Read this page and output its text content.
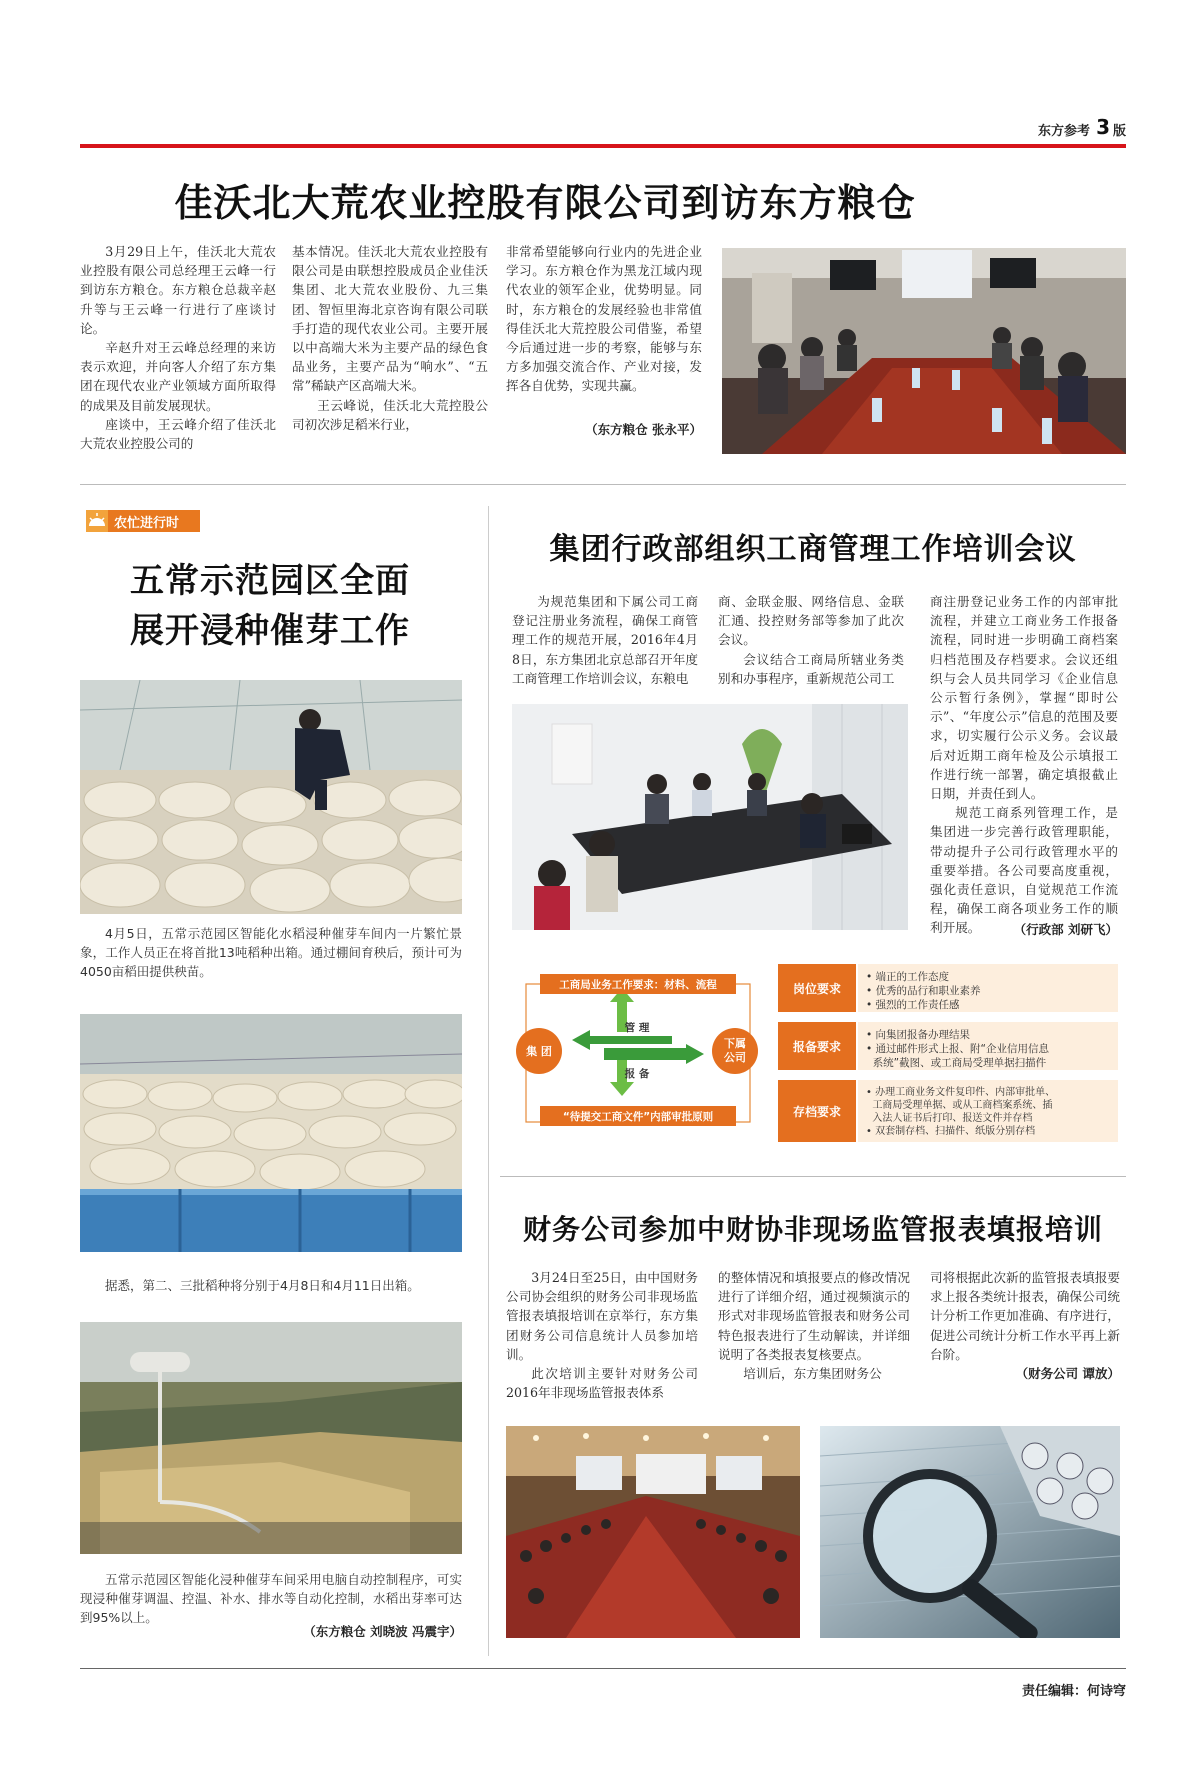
东方参考 3 版
佳沃北大荒农业控股有限公司到访东方粮仓

3月29日上午，佳沃北大荒农业控股有限公司总经理王云峰一行到访东方粮仓。东方粮仓总裁辛赵升等与王云峰一行进行了座谈讨论。

辛赵升对王云峰总经理的来访表示欢迎，并向客人介绍了东方集团在现代农业产业领域方面所取得的成果及目前发展现状。

座谈中，王云峰介绍了佳沃北大荒农业控股公司的

基本情况。佳沃北大荒农业控股有限公司是由联想控股成员企业佳沃集团、北大荒农业股份、九三集团、智恒里海北京咨询有限公司联手打造的现代农业公司。主要开展以中高端大米为主要产品的绿色食品业务，主要产品为“响水”、“五常”稀缺产区高端大米。

王云峰说，佳沃北大荒控股公司初次涉足稻米行业，

非常希望能够向行业内的先进企业学习。东方粮仓作为黑龙江域内现代农业的领军企业，优势明显。同时，东方粮仓的发展经验也非常值得佳沃北大荒控股公司借鉴，希望今后通过进一步的考察，能够与东方多加强交流合作、产业对接，发挥各自优势，实现共赢。

（东方粮仓 张永平）
农忙进行时
五常示范园区全面
展开浸种催芽工作

4月5日，五常示范园区智能化水稻浸种催芽车间内一片繁忙景象，工作人员正在将首批13吨稻种出箱。通过棚间育秧后，预计可为4050亩稻田提供秧苗。

据悉，第二、三批稻种将分别于4月8日和4月11日出箱。

五常示范园区智能化浸种催芽车间采用电脑自动控制程序，可实现浸种催芽调温、控温、补水、排水等自动化控制，水稻出芽率可达到95%以上。

（东方粮仓 刘晓波 冯震宇）
集团行政部组织工商管理工作培训会议

为规范集团和下属公司工商登记注册业务流程，确保工商管理工作的规范开展，2016年4月8日，东方集团北京总部召开年度工商管理工作培训会议，东粮电

商、金联金服、网络信息、金联汇通、投控财务部等参加了此次会议。

会议结合工商局所辖业务类别和办事程序，重新规范公司工

商注册登记业务工作的内部审批流程，并建立工商业务工作报备流程，同时进一步明确工商档案归档范围及存档要求。会议还组织与会人员共同学习《企业信息公示暂行条例》，掌握“即时公示”、“年度公示”信息的范围及要求，切实履行公示义务。会议最后对近期工商年检及公示填报工作进行统一部署，确定填报截止日期，并责任到人。

规范工商系列管理工作，是集团进一步完善行政管理职能，带动提升子公司行政管理水平的重要举措。各公司要高度重视，强化责任意识，自觉规范工作流程，确保工商各项业务工作的顺利开展。	（行政部 刘研飞）
工商局业务工作要求：材料、流程
集 团
下属
公司
管 理
报 备
“待提交工商文件”内部审批原则
岗位要求
• 端正的工作态度
• 优秀的品行和职业素养
• 强烈的工作责任感
报备要求
• 向集团报备办理结果
• 通过邮件形式上报、附“企业信用信息
系统”截图、或工商局受理单据扫描件
存档要求
• 办理工商业务文件复印件、内部审批单、
工商局受理单据、或从工商档案系统、插
入法人证书后打印、报送文件并存档
• 双套制存档、扫描件、纸版分别存档
财务公司参加中财协非现场监管报表填报培训

3月24日至25日，由中国财务公司协会组织的财务公司非现场监管报表填报培训在京举行，东方集团财务公司信息统计人员参加培训。

此次培训主要针对财务公司2016年非现场监管报表体系

的整体情况和填报要点的修改情况进行了详细介绍，通过视频演示的形式对非现场监管报表和财务公司特色报表进行了生动解读，并详细说明了各类报表复核要点。

培训后，东方集团财务公

司将根据此次新的监管报表填报要求上报各类统计报表，确保公司统计分析工作更加准确、有序进行，促进公司统计分析工作水平再上新台阶。

（财务公司 谭放）
责任编辑：何诗穹
